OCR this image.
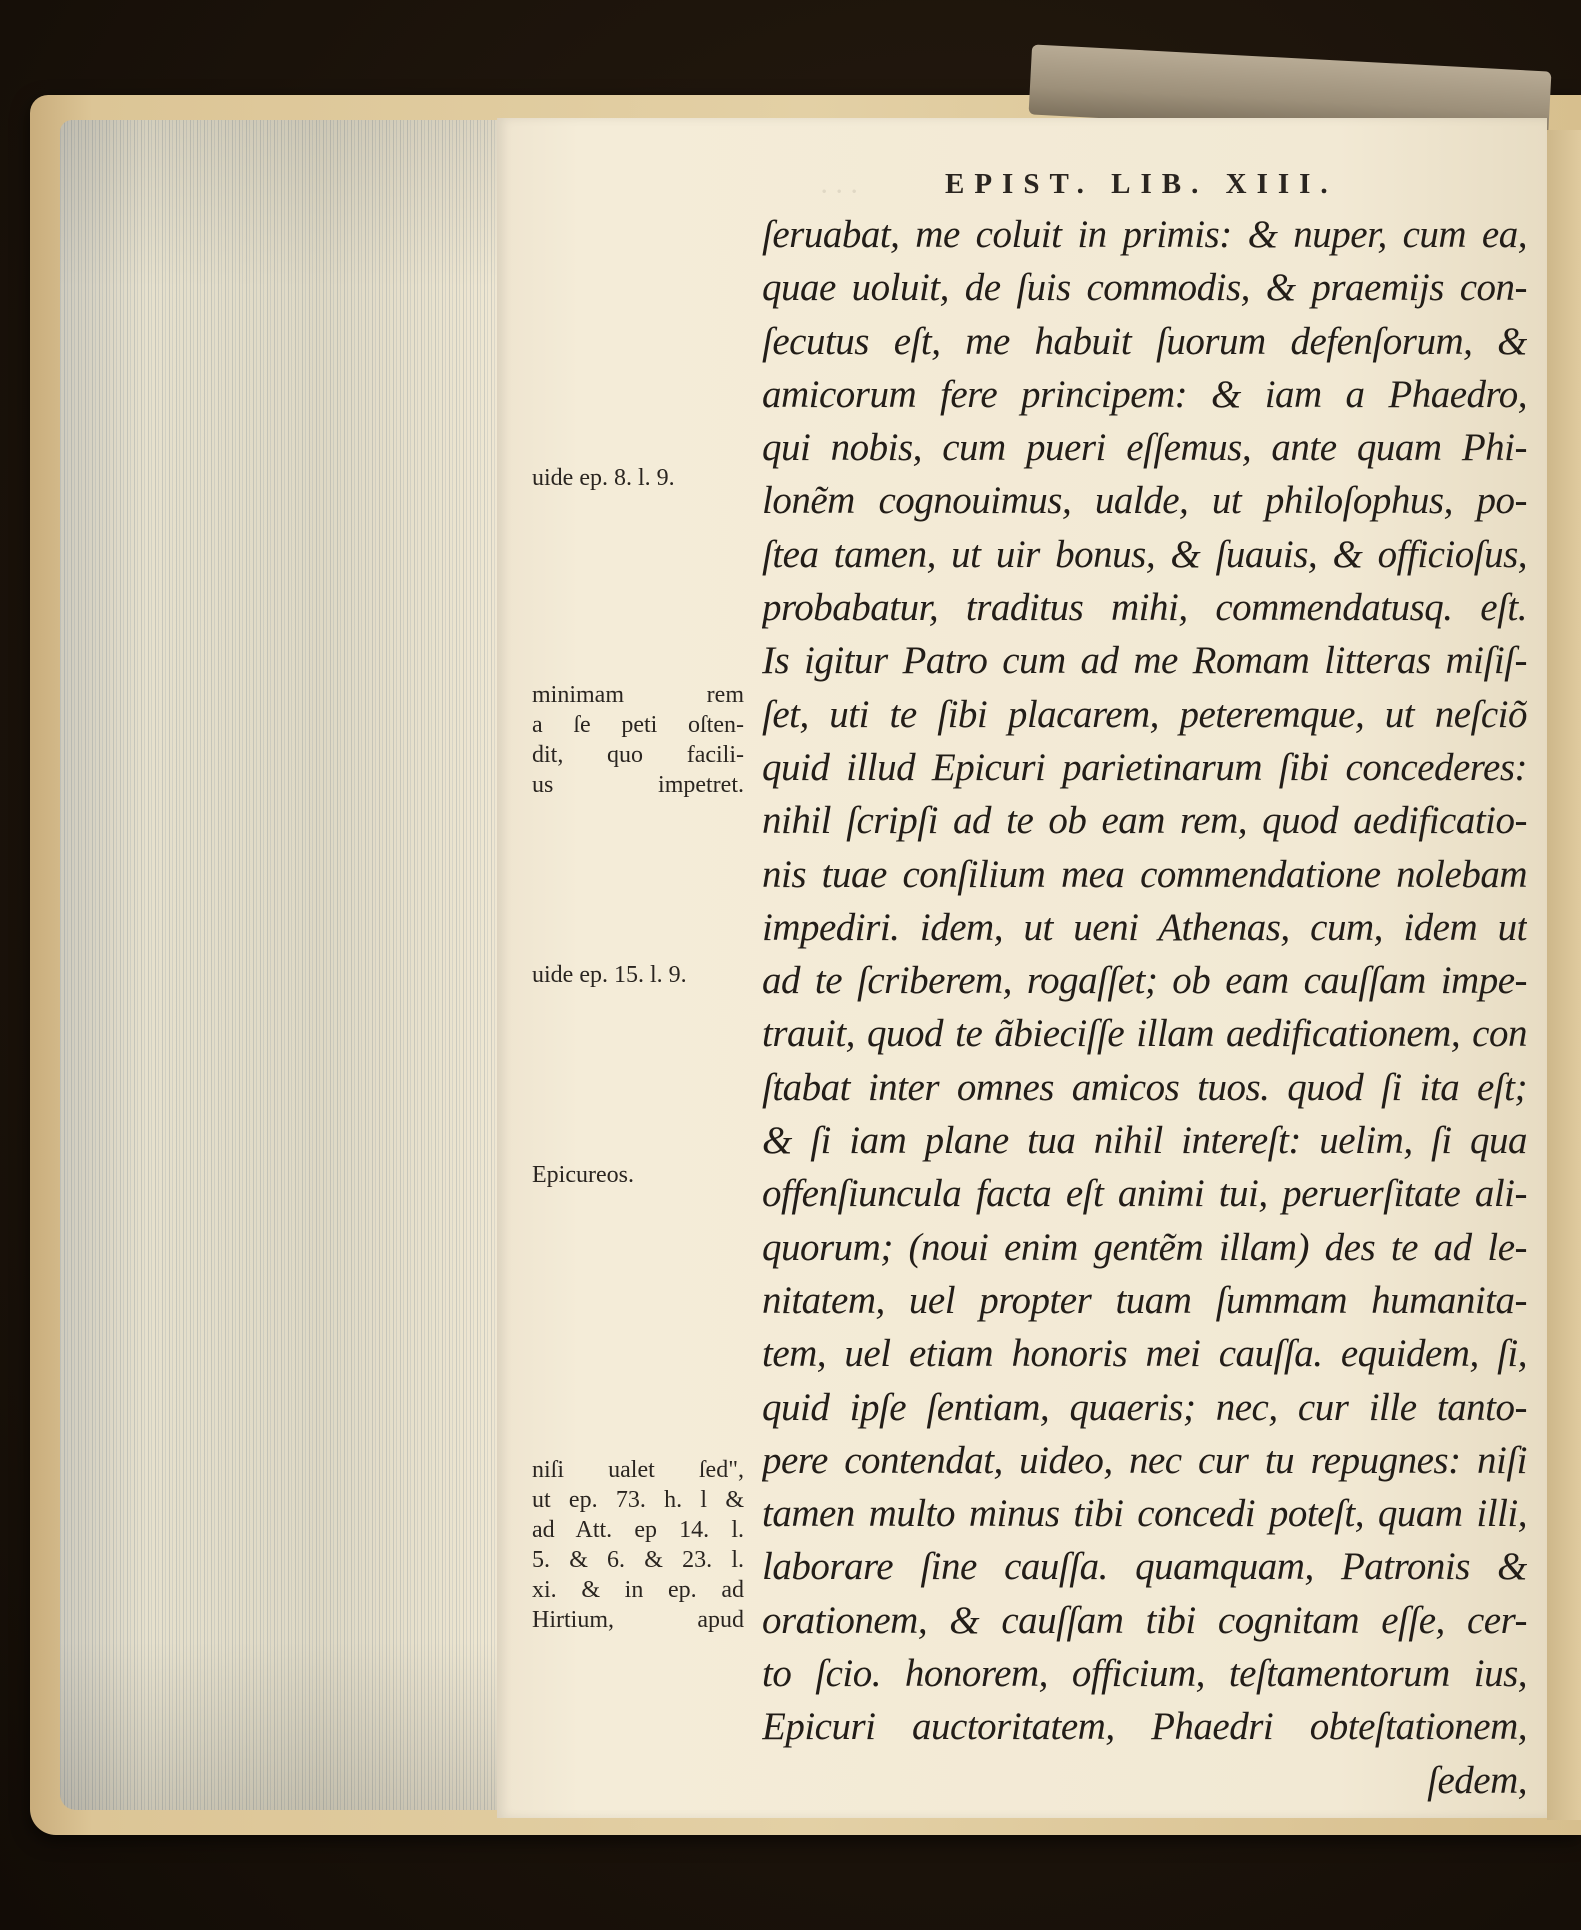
· · ·	EPIST. LIB. XIII.
ſeruabat, me coluit in primis: & nuper, cum ea,
quae uoluit, de ſuis commodis, & praemijs con-
ſecutus eſt, me habuit ſuorum defenſorum, &
amicorum fere principem: & iam a Phaedro,
qui nobis, cum pueri eſſemus, ante quam Phi-
lonẽm cognouimus, ualde, ut philoſophus, po-
ſtea tamen, ut uir bonus, & ſuauis, & officioſus,
probabatur, traditus mihi, commendatusq. eſt.
Is igitur Patro cum ad me Romam litteras miſiſ-
ſet, uti te ſibi placarem, peteremque, ut neſciõ
quid illud Epicuri parietinarum ſibi concederes:
nihil ſcripſi ad te ob eam rem, quod aedificatio-
nis tuae conſilium mea commendatione nolebam
impediri. idem, ut ueni Athenas, cum, idem ut
ad te ſcriberem, rogaſſet; ob eam cauſſam impe-
trauit, quod te ãbieciſſe illam aedificationem, con
ſtabat inter omnes amicos tuos. quod ſi ita eſt;
& ſi iam plane tua nihil intereſt: uelim, ſi qua
offenſiuncula facta eſt animi tui, peruerſitate ali-
quorum; (noui enim gentẽm illam) des te ad le-
nitatem, uel propter tuam ſummam humanita-
tem, uel etiam honoris mei cauſſa. equidem, ſi,
quid ipſe ſentiam, quaeris; nec, cur ille tanto-
pere contendat, uideo, nec cur tu repugnes: niſi
tamen multo minus tibi concedi poteſt, quam illi,
laborare ſine cauſſa. quamquam, Patronis &
orationem, & cauſſam tibi cognitam eſſe, cer-
to ſcio. honorem, officium, teſtamentorum ius,
Epicuri auctoritatem, Phaedri obteſtationem,
ſedem,
uide ep. 8. l. 9.
minimam rem
a ſe peti oſten-
dit, quo facili-
us impetret.
uide ep. 15. l. 9.
Epicureos.
niſi ualet ſed",
ut ep. 73. h. l &
ad Att. ep 14. l.
5. & 6. & 23. l.
xi. & in ep. ad
Hirtium, apud
